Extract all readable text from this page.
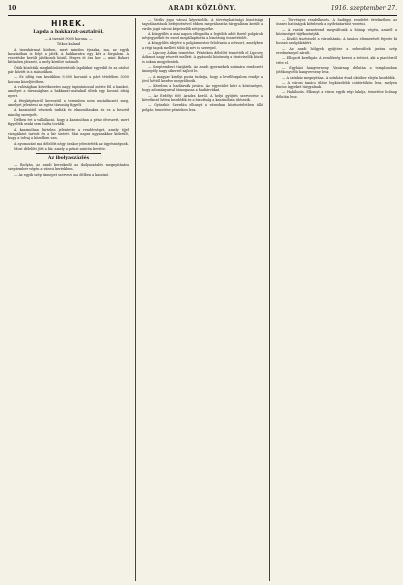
10	ARADI KÖZLÖNY.	1916. szeptember 27.
HIREK.
Lapda a bakkarat-asztalról.

— A tizenöt 9000 korona. —

Titkos kaland

A tizenhármat körben, mert minden éjszaka, ma, az egyik kaszinóban is folyt a játék. A bakkaratra egy két a forgalom. A vezetésbe került játékosok közül, fényes öt óra kor — mint Bokori kitűnően játszott, a mely körülre számolt.

Ötök közöttük megkülönböztetésük lapdáikat egyedül és az utolsó pár között is a másodikon.

— Ez időig van kezükben 9,000 koronát a párt tételében 3000 korona közeljövőben.

A valóságban következetes nagy tapintatossal mérte föl a bankot, amelyet a társaságban a bakkarat-asztalnál ültek egy hosszú ideig nyert.

A fényképészről keresztül a teremben nem mutatkozott meg, amelyet jelenteni az egész társaság figyelt.

A kaszinótól vésznek tudták és elmondásukra és ez a beszéd mindig szerepelt.

Délben ért a vállalkozó, hogy a kaszinóban a pénz elveszett, mert figyelték senki sem tudta tovább.

A kaszinóban hirtelen jelentette a rendőrséget, amely éjjel vizsgálatot tartott és a hír sietett. Mai napra ugyanakkor kiderült, hogy a tolvaj a közelben van.

A nyomozást ma délelőtt négy órakor jelentették az ügyészségnek.

Most délelőtt jött a hír, amely a pénzt szintén bevitte.

Az ibolyaszázlés

— Ibolyán, az aradi kereskedő az ibolyaszázlés megnyitására szeptember végén a városi kertekben.

— Az egyik szép ünnepet szervezi ma délben a kaszinó.

— Virilis jogu városi képviselők. A törvényhatósági bizottsági tagválasztások befejezésével ebben megválasztás tárgyalásra került a virilis jogú városi képviselők névjegyzéke.

A közgyűlés a mai napon elfogadta a legtöbb adót fizető polgárok névjegyzékét és ezzel megállapította a bizottság összetételét.

A közgyűlés idejére a polgármester felolvasta a névsort, amelyben a régi tagok mellett több új név is szerepel.

— Lipcsey Ádám temetése. Pénteken délelőtt temették el Lipcsey Ádámot nagy részvét mellett. A gyászoló közönség a tisztviselők közül is sokan megjelentek.

— Szeptemberi tüzijáték. Az aradi gyermekek számára rendezett ünnepély nagy sikerrel zajlott le.

— A magyar királyi posta tudatja, hogy a levélforgalom rendje a jövő héttől kezdve megváltozik.

— Kérelem a hadiárvák javára. Az egyesület kéri a közönséget, hogy adományaival támogassa a hadiárvákat.

— Az Erdélyi 600 Aradra kerül. A helyi gyűjtés szervezése a következő héten kezdődik és a bizottság a kaszinóban ülésezik.

— Gyászhír. Szerdán elhunyt a városban köztiszteletben álló polgár, temetése pénteken lesz.

— Törvényes rendelkezés. A hadügyi rendelet értelmében az összes hatóságok kötelesek a nyilvántartást vezetni.

— A vasúti menetrend megváltozik a hónap végén, amiről a közönséget tájékoztatják.

— Kiváló tisztviselő a városházán. A tanács elismerését fejezte ki hosszú szolgálatáért.

— Az aradi hölgyek gyűjtése a sebesültek javára szép eredménnyel zárult.

— Ellopott kerékpár. A rendőrség keresi a tettest, aki a piactérről vitte el.

— Egyházi hangverseny. Vasárnap délután a templomban jótékonycélú hangverseny lesz.

— A színház megnyitása. A színházi évad október elején kezdődik.

— A városi tanács ülése legközelebb csütörtökön lesz, melyen fontos ügyeket tárgyalnak.

— Halálozás. Elhunyt a város egyik régi lakója, temetése holnap délután lesz.
